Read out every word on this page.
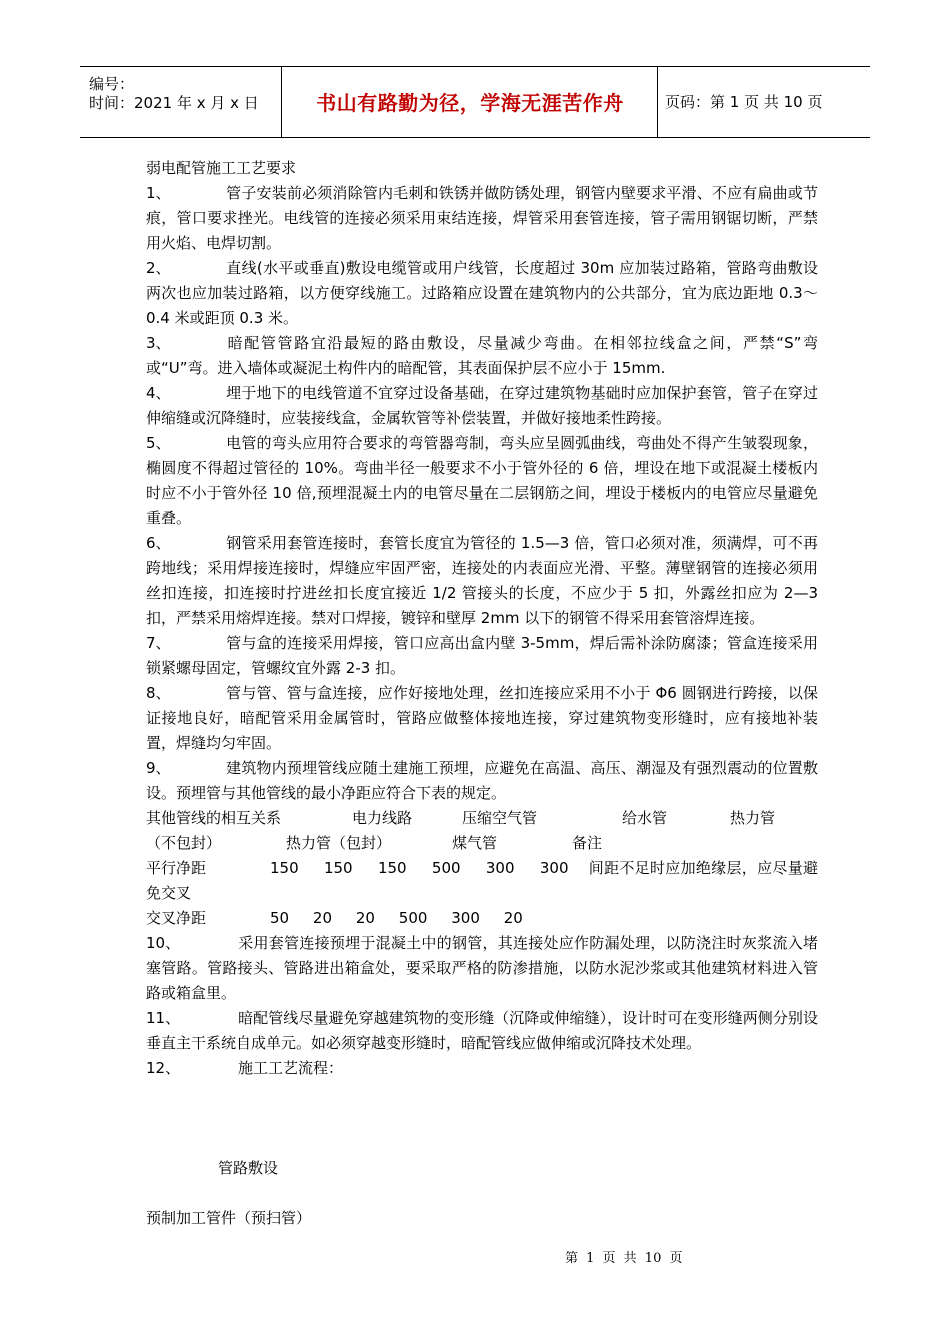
编号：
时间：2021 年 x 月 x 日	书山有路勤为径，学海无涯苦作舟	页码：第 1 页 共 10 页

弱电配管施工工艺要求

1、	管子安装前必须消除管内毛刺和铁锈并做防锈处理，钢管内壁要求平滑、不应有扁曲或节痕，管口要求挫光。电线管的连接必须采用束结连接，焊管采用套管连接，管子需用钢锯切断，严禁用火焰、电焊切割。

2、	直线(水平或垂直)敷设电缆管或用户线管，长度超过 30m 应加装过路箱，管路弯曲敷设两次也应加装过路箱，以方便穿线施工。过路箱应设置在建筑物内的公共部分，宜为底边距地 0.3～0.4 米或距顶 0.3 米。

3、	暗配管管路宜沿最短的路由敷设，尽量减少弯曲。在相邻拉线盒之间，严禁“S”弯或“U”弯。进入墙体或凝泥土构件内的暗配管，其表面保护层不应小于 15mm.

4、	埋于地下的电线管道不宜穿过设备基础，在穿过建筑物基础时应加保护套管，管子在穿过伸缩缝或沉降缝时，应装接线盒，金属软管等补偿装置，并做好接地柔性跨接。

5、	电管的弯头应用符合要求的弯管器弯制，弯头应呈圆弧曲线，弯曲处不得产生皱裂现象，椭圆度不得超过管径的 10%。弯曲半径一般要求不小于管外径的 6 倍，埋设在地下或混凝土楼板内时应不小于管外径 10 倍,预埋混凝土内的电管尽量在二层钢筋之间，埋设于楼板内的电管应尽量避免重叠。

6、	钢管采用套管连接时，套管长度宜为管径的 1.5—3 倍，管口必须对准，须满焊，可不再跨地线；采用焊接连接时，焊缝应牢固严密，连接处的内表面应光滑、平整。薄壁钢管的连接必须用丝扣连接，扣连接时拧进丝扣长度宜接近 1/2 管接头的长度，不应少于 5 扣，外露丝扣应为 2—3 扣，严禁采用熔焊连接。禁对口焊接，镀锌和壁厚 2mm 以下的钢管不得采用套管溶焊连接。

7、	管与盒的连接采用焊接，管口应高出盒内壁 3-5mm，焊后需补涂防腐漆；管盒连接采用锁紧螺母固定，管螺纹宜外露 2-3 扣。

8、	管与管、管与盒连接，应作好接地处理，丝扣连接应采用不小于 Φ6 圆钢进行跨接，以保证接地良好，暗配管采用金属管时，管路应做整体接地连接，穿过建筑物变形缝时，应有接地补装置，焊缝均匀牢固。

9、	建筑物内预埋管线应随土建施工预埋，应避免在高温、高压、潮湿及有强烈震动的位置敷设。预埋管与其他管线的最小净距应符合下表的规定。

其他管线的相互关系	电力线路	压缩空气管	给水管	热力管

（不包封）	热力管（包封）	煤气管	备注

平行净距	150     150     150     500     300     300 间距不足时应加绝缘层，应尽量避免交叉

交叉净距	50     20     20     500     300     20

10、	采用套管连接预埋于混凝土中的钢管，其连接处应作防漏处理，以防浇注时灰浆流入堵塞管路。管路接头、管路进出箱盒处，要采取严格的防渗措施，以防水泥沙浆或其他建筑材料进入管路或箱盒里。

11、	暗配管线尽量避免穿越建筑物的变形缝（沉降或伸缩缝），设计时可在变形缝两侧分别设垂直主干系统自成单元。如必须穿越变形缝时，暗配管线应做伸缩或沉降技术处理。

12、	施工工艺流程：

管路敷设
预制加工管件（预扫管）
第 1 页 共 10 页
